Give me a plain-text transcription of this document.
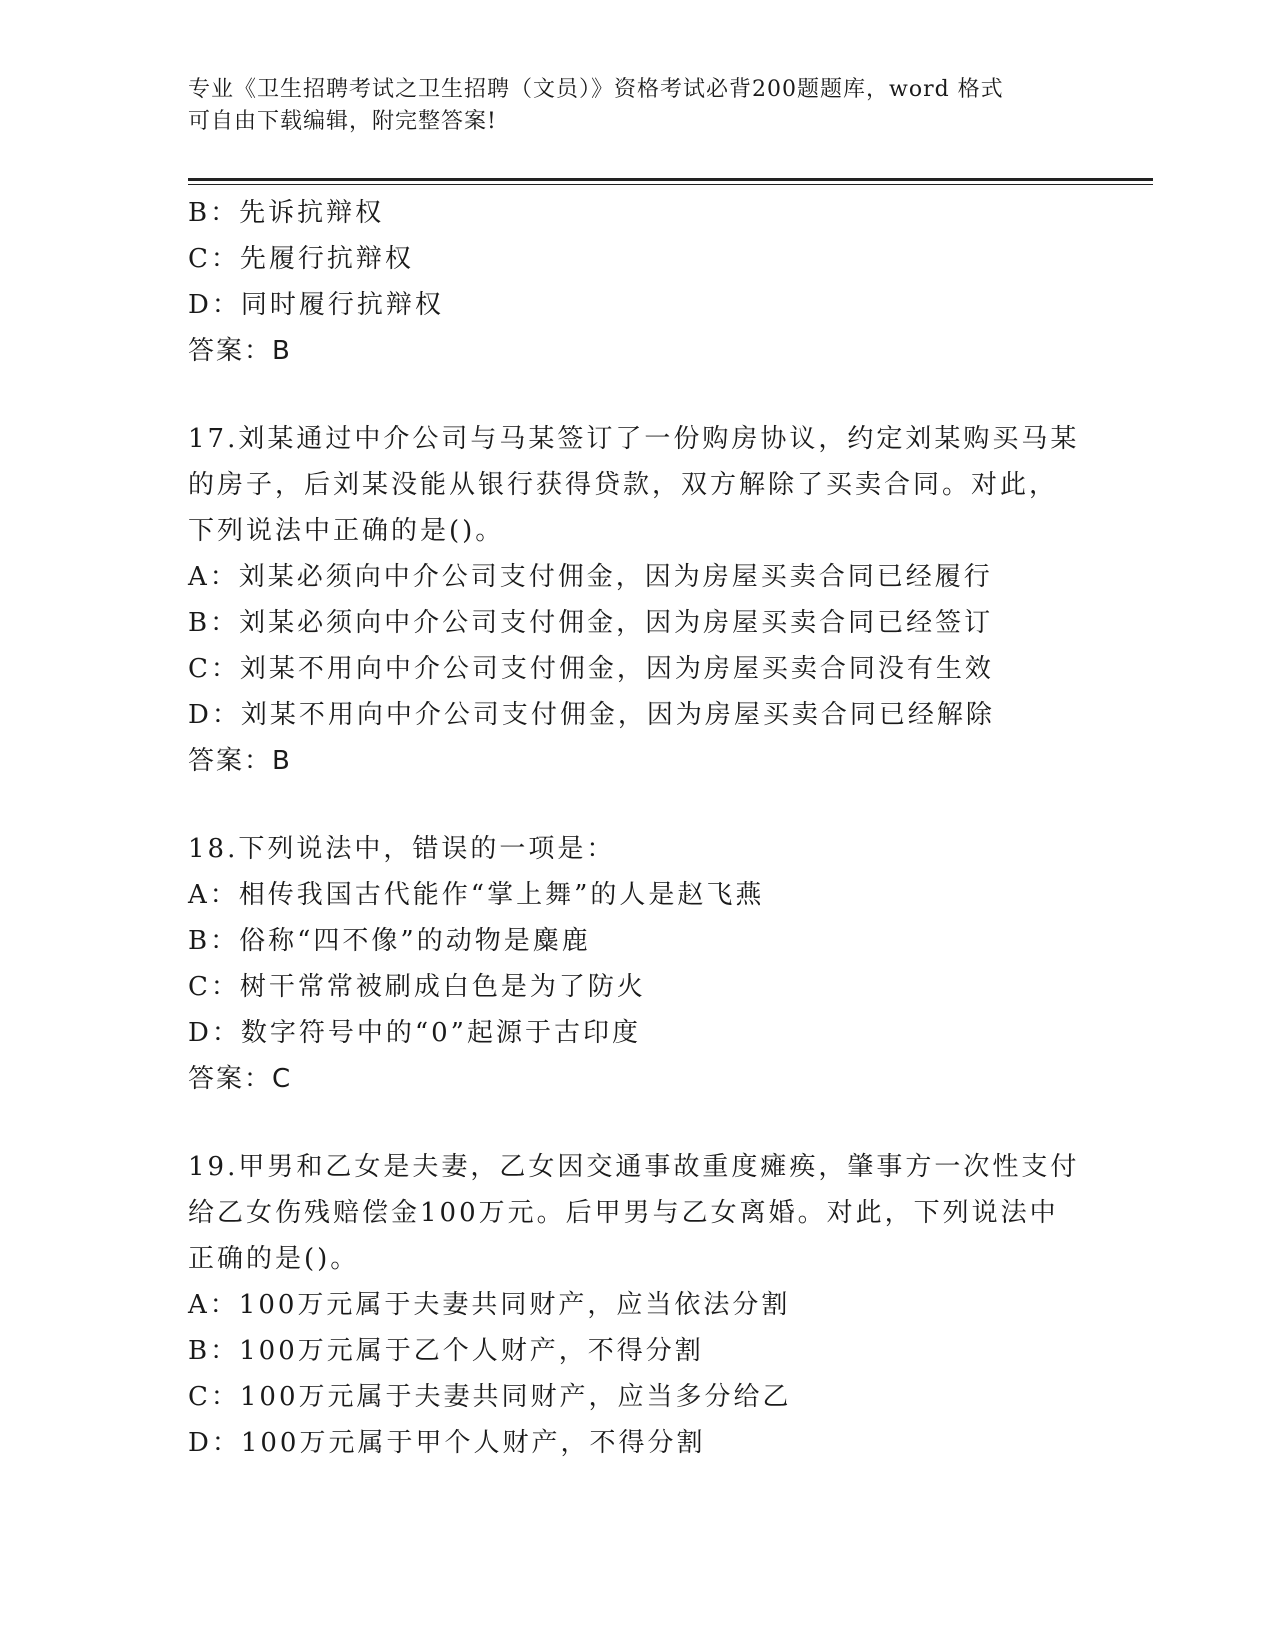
专业《卫生招聘考试之卫生招聘（文员）》资格考试必背200题题库，word 格式
可自由下载编辑，附完整答案!
B：先诉抗辩权
C：先履行抗辩权
D：同时履行抗辩权
答案：B
17.刘某通过中介公司与马某签订了一份购房协议，约定刘某购买马某
的房子，后刘某没能从银行获得贷款，双方解除了买卖合同。对此，
下列说法中正确的是()。
A：刘某必须向中介公司支付佣金，因为房屋买卖合同已经履行
B：刘某必须向中介公司支付佣金，因为房屋买卖合同已经签订
C：刘某不用向中介公司支付佣金，因为房屋买卖合同没有生效
D：刘某不用向中介公司支付佣金，因为房屋买卖合同已经解除
答案：B
18.下列说法中，错误的一项是：
A：相传我国古代能作“掌上舞”的人是赵飞燕
B：俗称“四不像”的动物是麋鹿
C：树干常常被刷成白色是为了防火
D：数字符号中的“0”起源于古印度
答案：C
19.甲男和乙女是夫妻，乙女因交通事故重度瘫痪，肇事方一次性支付
给乙女伤残赔偿金100万元。后甲男与乙女离婚。对此，下列说法中
正确的是()。
A：100万元属于夫妻共同财产，应当依法分割
B：100万元属于乙个人财产，不得分割
C：100万元属于夫妻共同财产，应当多分给乙
D：100万元属于甲个人财产，不得分割
